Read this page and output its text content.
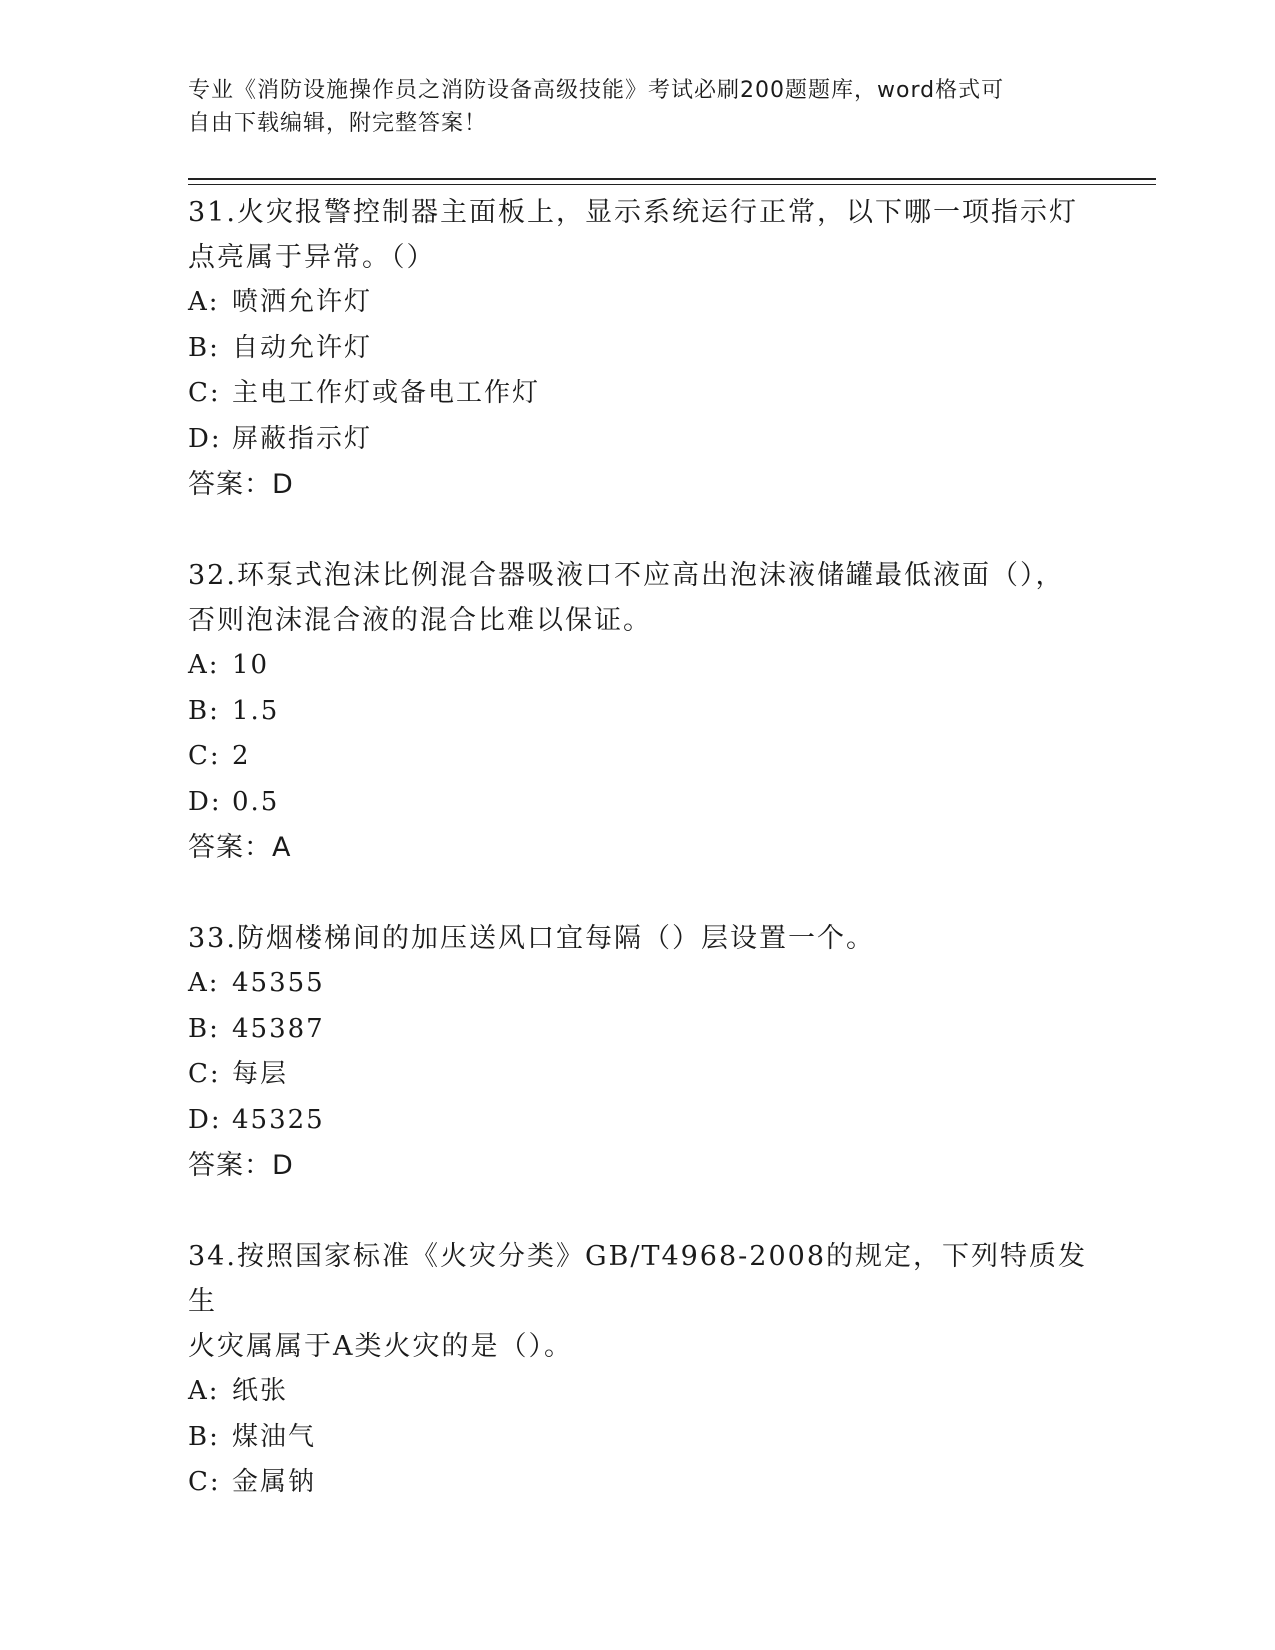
专业《消防设施操作员之消防设备高级技能》考试必刷200题题库，word格式可
自由下载编辑，附完整答案！
31.火灾报警控制器主面板上，显示系统运行正常，以下哪一项指示灯
点亮属于异常。（）
A: 喷洒允许灯
B: 自动允许灯
C: 主电工作灯或备电工作灯
D: 屏蔽指示灯
答案：D
32.环泵式泡沫比例混合器吸液口不应高出泡沫液储罐最低液面（），
否则泡沫混合液的混合比难以保证。
A: 10
B: 1.5
C: 2
D: 0.5
答案：A
33.防烟楼梯间的加压送风口宜每隔（）层设置一个。
A: 45355
B: 45387
C: 每层
D: 45325
答案：D
34.按照国家标准《火灾分类》GB/T4968-2008的规定，下列特质发生
火灾属属于A类火灾的是（）。
A: 纸张
B: 煤油气
C: 金属钠
